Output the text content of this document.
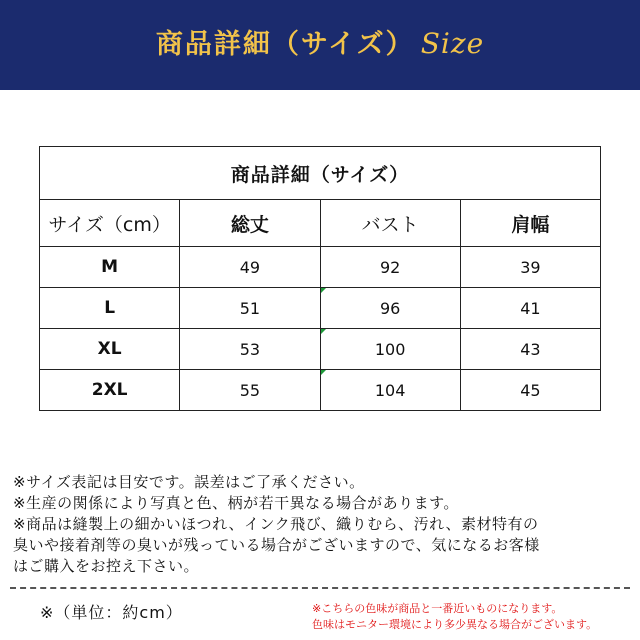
商品詳細（サイズ） Size
商品詳細（サイズ）			
サイズ（cm）	総丈	バスト	肩幅
M	49	92	39
L	51	96	41
XL	53	100	43
2XL	55	104	45
※サイズ表記は目安です。誤差はご了承ください。
※生産の関係により写真と色、柄が若干異なる場合があります。
※商品は縫製上の細かいほつれ、インク飛び、織りむら、汚れ、素材特有の
臭いや接着剤等の臭いが残っている場合がございますので、気になるお客様
はご購入をお控え下さい。
※（単位：約cm）	※こちらの色味が商品と一番近いものになります。
色味はモニター環境により多少異なる場合がございます。
